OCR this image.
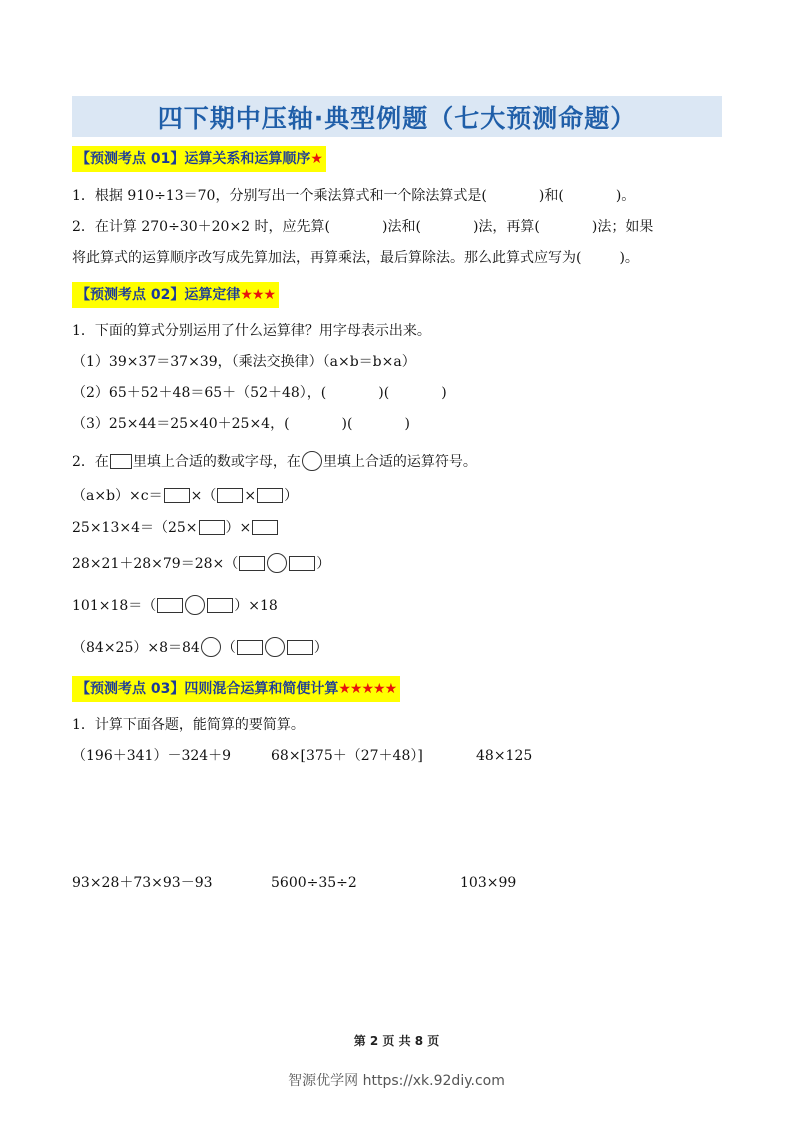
四下期中压轴·典型例题（七大预测命题）
【预测考点 01】运算关系和运算顺序★
1．根据 910÷13＝70，分别写出一个乘法算式和一个除法算式是(	)和(	)。
2．在计算 270÷30＋20×2 时，应先算(	)法和(	)法，再算(	)法；如果
将此算式的运算顺序改写成先算加法，再算乘法，最后算除法。那么此算式应写为(	)。
【预测考点 02】运算定律★★★
1．下面的算式分别运用了什么运算律？用字母表示出来。
（1）39×37＝37×39，（乘法交换律）（a×b＝b×a）
（2）65＋52＋48＝65＋（52＋48），(	)(	)
（3）25×44＝25×40＋25×4，(	)(	)
2．在 里填上合适的数或字母，在 里填上合适的运算符号。
（a×b）×c＝ ×（ × ）
25×13×4＝（25× ）×
28×21＋28×79＝28×（	）
101×18＝（	）×18
（84×25）×8＝84 （	）
【预测考点 03】四则混合运算和简便计算★★★★★
1．计算下面各题，能简算的要简算。
（196＋341）－324＋9	68×[375＋（27＋48）]	48×125
93×28＋73×93－93	5600÷35÷2	103×99
第 2 页 共 8 页
智源优学网 https://xk.92diy.com
